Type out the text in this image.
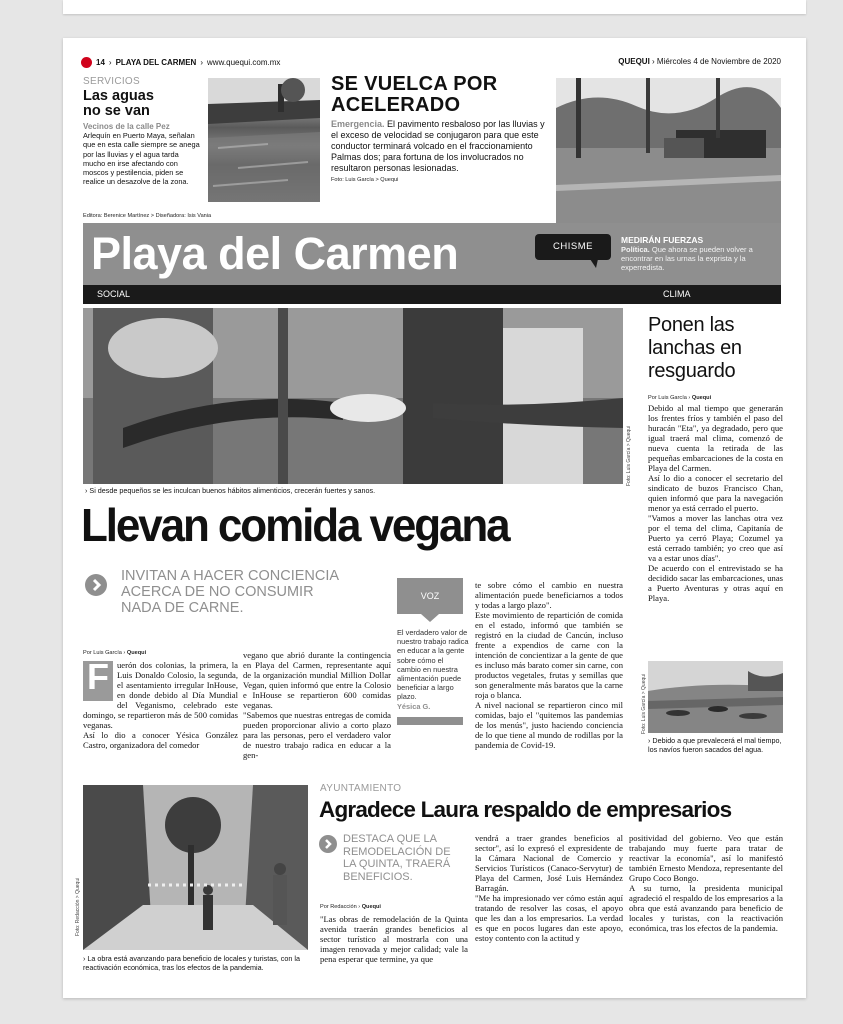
14 › PLAYA DEL CARMEN › www.quequi.com.mx	QUEQUI › Miércoles 4 de Noviembre de 2020
SERVICIOS
Las aguas
no se van
Vecinos de la calle Pez
Arlequín en Puerto Maya, señalan que en esta calle siempre se anega por las lluvias y el agua tarda mucho en irse afectando con moscos y pestilencia, piden se realice un desazolve de la zona.
SE VUELCA POR
ACELERADO
Emergencia. El pavimento resbaloso por las lluvias y el exceso de velocidad se conjugaron para que este conductor terminará volcado en el fraccionamiento Palmas dos; para fortuna de los involucrados no resultaron personas lesionadas.
Foto: Luis García > Quequi
Editora: Berenice Martínez > Diseñadora: Isis Vania
Playa del Carmen	CHISME
MEDIRÁN FUERZAS
Política. Que ahora se pueden volver a encontrar en las urnas la exprista y la experredista.
SOCIAL	CLIMA
Foto: Luis García > Quequi
› Si desde pequeños se les inculcan buenos hábitos alimenticios, crecerán fuertes y sanos.
Llevan comida vegana
INVITAN A HACER CONCIENCIA
ACERCA DE NO CONSUMIR
NADA DE CARNE.
Por Luis García › Quequi
F uerón dos colonias, la primera, la Luis Donaldo Colosio, la segunda, el asentamiento irregular InHouse, en donde debido al Día Mundial del Veganismo, celebrado este domingo, se repartieron más de 500 comidas veganas.
Así lo dio a conocer Yésica González Castro, organizadora del comedor
vegano que abrió durante la contingencia en Playa del Carmen, representante aquí de la organización mundial Million Dollar Vegan, quien informó que entre la Colosio e InHouse se repartieron 600 comidas veganas.
"Sabemos que nuestras entregas de comida pueden proporcionar alivio a corto plazo para las personas, pero el verdadero valor de nuestro trabajo radica en educar a la gen-
VOZ
El verdadero valor de nuestro trabajo radica en educar a la gente sobre cómo el cambio en nuestra alimentación puede beneficiar a largo plazo.
Yésica G.
te sobre cómo el cambio en nuestra alimentación puede beneficiarnos a todos y todas a largo plazo".
Este movimiento de repartición de comida en el estado, informó que también se registró en la ciudad de Cancún, incluso frente a expendios de carne con la intención de concientizar a la gente de que es incluso más barato comer sin carne, con productos vegetales, frutas y semillas que son generalmente más baratos que la carne roja o blanca.
A nivel nacional se repartieron cinco mil comidas, bajo el "quitemos las pandemias de los menús", justo haciendo conciencia de lo que tiene al mundo de rodillas por la pandemia de Covid-19.
Ponen las
lanchas en
resguardo
Por Luis García › Quequi
Debido al mal tiempo que generarán los frentes fríos y también el paso del huracán "Eta", ya degradado, pero que igual traerá mal clima, comenzó de nueva cuenta la retirada de las pequeñas embarcaciones de la costa en Playa del Carmen.
Así lo dio a conocer el secretario del sindicato de buzos Francisco Chan, quien informó que para la navegación menor ya está cerrado el puerto.
"Vamos a mover las lanchas otra vez por el tema del clima, Capitanía de Puerto ya cerró Playa; Cozumel ya está cerrado también; yo creo que así va a estar unos días".
De acuerdo con el entrevistado se ha decidido sacar las embarcaciones, unas a Puerto Aventuras y otras aquí en Playa.
Foto: Luis García > Quequi
› Debido a que prevalecerá el mal tiempo, los navíos fueron sacados del agua.
Foto: Redacción > Quequi
› La obra está avanzando para beneficio de locales y turistas, con la reactivación económica, tras los efectos de la pandemia.
AYUNTAMIENTO
Agradece Laura respaldo de empresarios
DESTACA QUE LA
REMODELACIÓN DE
LA QUINTA, TRAERÁ
BENEFICIOS.
Por Redacción › Quequi
"Las obras de remodelación de la Quinta avenida traerán grandes beneficios al sector turístico al mostrarla con una imagen renovada y mejor calidad; vale la pena esperar que termine, ya que
vendrá a traer grandes beneficios al sector", así lo expresó el expresidente de la Cámara Nacional de Comercio y Servicios Turísticos (Canaco-Servytur) de Playa del Carmen, José Luis Hernández Barragán.
"Me ha impresionado ver cómo están aquí tratando de resolver las cosas, el apoyo que les dan a los empresarios. La verdad es que en pocos lugares dan este apoyo, estoy contento con la actitud y
positividad del gobierno. Veo que están trabajando muy fuerte para tratar de reactivar la economía", así lo manifestó también Ernesto Mendoza, representante del Grupo Coco Bongo.
A su turno, la presidenta municipal agradeció el respaldo de los empresarios a la obra que está avanzando para beneficio de locales y turistas, con la reactivación económica, tras los efectos de la pandemia.
